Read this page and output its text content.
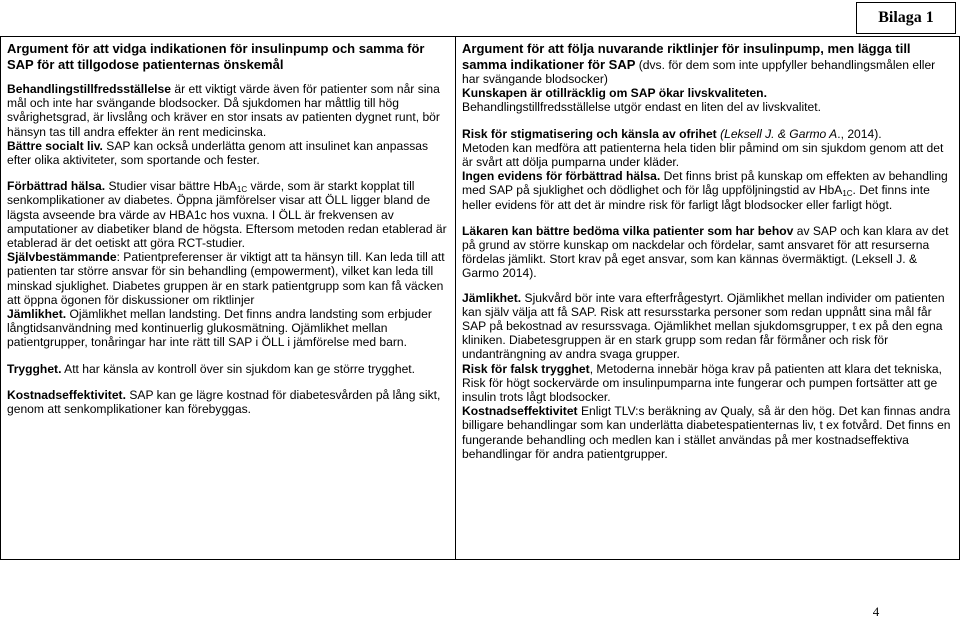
Bilaga 1
Argument för att vidga indikationen för insulinpump och samma för SAP för att tillgodose patienternas önskemål

Behandlingstillfredsställelse är ett viktigt värde även för patienter som når sina mål och inte har svängande blodsocker. Då sjukdomen har måttlig till hög svårighetsgrad, är livslång och kräver en stor insats av patienten dygnet runt, bör hänsyn tas till andra effekter än rent medicinska.

Bättre socialt liv. SAP kan också underlätta genom att insulinet kan anpassas efter olika aktiviteter, som sportande och fester.

Förbättrad hälsa. Studier visar bättre HbA$_{1C}$ värde, som är starkt kopplat till senkomplikationer av diabetes. Öppna jämförelser visar att ÖLL ligger bland de lägsta avseende bra värde av HBA1c hos vuxna. I ÖLL är frekvensen av amputationer av diabetiker bland de högsta. Eftersom metoden redan etablerad är etablerad är det oetiskt att göra RCT-studier.

Självbestämmande: Patientpreferenser är viktigt att ta hänsyn till. Kan leda till att patienten tar större ansvar för sin behandling (empowerment), vilket kan leda till minskad sjuklighet. Diabetes gruppen är en stark patientgrupp som kan få väcken att öppna ögonen för diskussioner om riktlinjer

Jämlikhet. Ojämlikhet mellan landsting. Det finns andra landsting som erbjuder långtidsanvändning med kontinuerlig glukosmätning. Ojämlikhet mellan patientgrupper, tonåringar har inte rätt till SAP i ÖLL i jämförelse med barn.

Trygghet. Att har känsla av kontroll över sin sjukdom kan ge större trygghet.

Kostnadseffektivitet. SAP kan ge lägre kostnad för diabetesvården på lång sikt, genom att senkomplikationer kan förebyggas.

Argument för att följa nuvarande riktlinjer för insulinpump, men lägga till samma indikationer för SAP (dvs. för dem som inte uppfyller behandlingsmålen eller har svängande blodsocker)

Kunskapen är otillräcklig om SAP ökar livskvaliteten.
Behandlingstillfredsställelse utgör endast en liten del av livskvalitet.

Risk för stigmatisering och känsla av ofrihet (Leksell J. & Garmo A., 2014).
Metoden kan medföra att patienterna hela tiden blir påmind om sin sjukdom genom att det är svårt att dölja pumparna under kläder.

Ingen evidens för förbättrad hälsa. Det finns brist på kunskap om effekten av behandling med SAP på sjuklighet och dödlighet och för låg uppföljningstid av HbA$_{1C}$. Det finns inte heller evidens för att det är mindre risk för farligt lågt blodsocker eller farligt högt.

Läkaren kan bättre bedöma vilka patienter som har behov av SAP och kan klara av det på grund av större kunskap om nackdelar och fördelar, samt ansvaret för att resurserna fördelas jämlikt. Stort krav på eget ansvar, som kan kännas övermäktigt. (Leksell J. & Garmo 2014).

Jämlikhet. Sjukvård bör inte vara efterfrågestyrt. Ojämlikhet mellan individer om patienten kan själv välja att få SAP. Risk att resursstarka personer som redan uppnått sina mål får SAP på bekostnad av resurssvaga. Ojämlikhet mellan sjukdomsgrupper, t ex på den egna kliniken. Diabetesgruppen är en stark grupp som redan får förmåner och risk för undanträngning av andra svaga grupper.

Risk för falsk trygghet, Metoderna innebär höga krav på patienten att klara det tekniska, Risk för högt sockervärde om insulinpumparna inte fungerar och pumpen fortsätter att ge insulin trots lågt blodsocker.

Kostnadseffektivitet Enligt TLV:s beräkning av Qualy, så är den hög. Det kan finnas andra billigare behandlingar som kan underlätta diabetespatienternas liv, t ex fotvård. Det finns en fungerande behandling och medlen kan i stället användas på mer kostnadseffektiva behandlingar för andra patientgrupper.

4
